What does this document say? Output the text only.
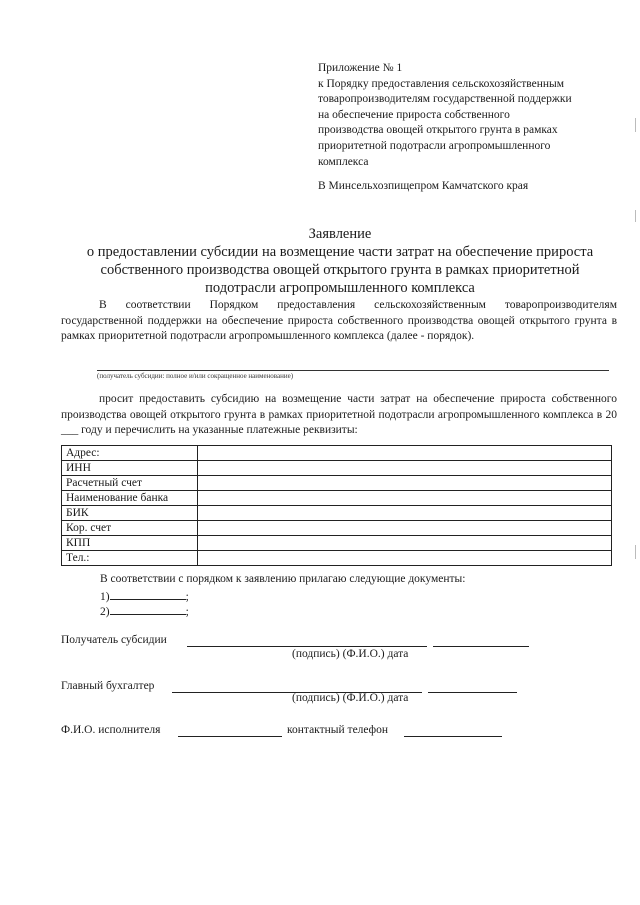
Приложение № 1
к Порядку предоставления сельскохозяйственным
товаропроизводителям государственной поддержки
на обеспечение прироста собственного
производства овощей открытого грунта в рамках
приоритетной подотрасли агропромышленного
комплекса
В Минсельхозпищепром Камчатского края
Заявление
о предоставлении субсидии на возмещение части затрат на обеспечение прироста
собственного производства овощей открытого грунта в рамках приоритетной
подотрасли агропромышленного комплекса
В соответствии Порядком предоставления сельскохозяйственным товаропроизводителям государственной поддержки на обеспечение прироста собственного производства овощей открытого грунта в рамках приоритетной подотрасли агропромышленного комплекса (далее - порядок).
(получатель субсидии: полное и/или сокращенное наименование)
просит предоставить субсидию на возмещение части затрат на обеспечение прироста собственного производства овощей открытого грунта в рамках приоритетной подотрасли агропромышленного комплекса в 20 ___ году и перечислить на указанные платежные реквизиты:
Адрес:	
ИНН	
Расчетный счет	
Наименование банка	
БИК	
Кор. счет	
КПП	
Тел.:	
В соответствии с порядком к заявлению прилагаю следующие документы:
1)	;
2)	;
Получатель субсидии
(подпись) (Ф.И.О.) дата
Главный бухгалтер
(подпись) (Ф.И.О.) дата
Ф.И.О. исполнителя	контактный телефон
